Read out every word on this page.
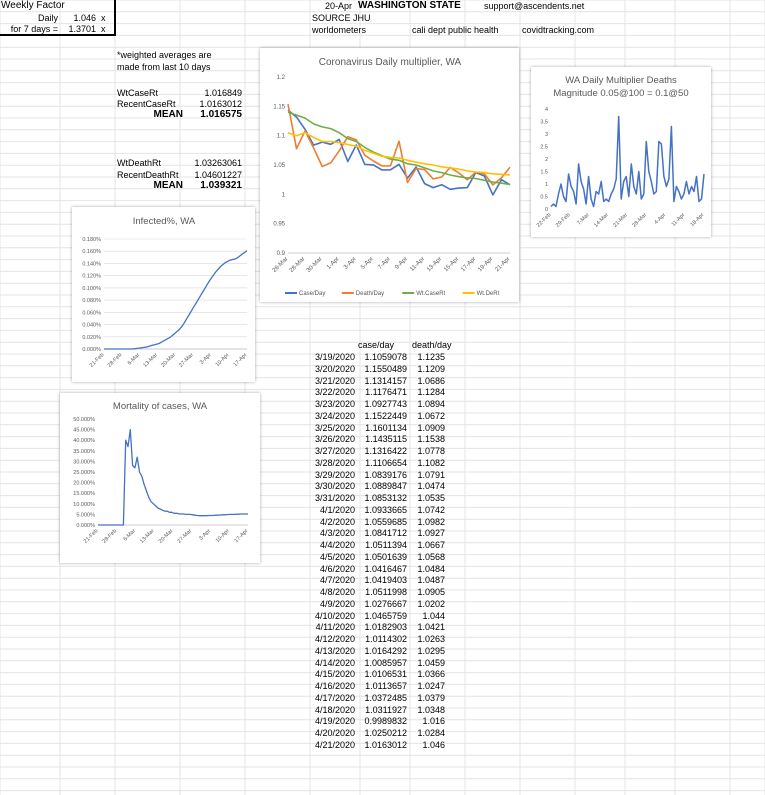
Weekly Factor
Daily	1.046 x
for 7 days =	1.3701 x
20-Apr WASHINGTON STATE	support@ascendents.net
SOURCE JHU
worldometers	cali dept public health	covidtracking.com
*weighted averages are
made from last 10 days
WtCaseRt	1.016849
RecentCaseRt	1.0163012
MEAN	1.016575
WtDeathRt	1.03263061
RecentDeathRt	1.04601227
MEAN	1.039321
case/day death/day
3/19/2020	1.1059078	1.1235
3/20/2020	1.1550489	1.1209
3/21/2020	1.1314157	1.0686
3/22/2020	1.1176471	1.1284
3/23/2020	1.0927743	1.0894
3/24/2020	1.1522449	1.0672
3/25/2020	1.1601134	1.0909
3/26/2020	1.1435115	1.1538
3/27/2020	1.1316422	1.0778
3/28/2020	1.1106654	1.1082
3/29/2020	1.0839176	1.0791
3/30/2020	1.0889847	1.0474
3/31/2020	1.0853132	1.0535
4/1/2020	1.0933665	1.0742
4/2/2020	1.0559685	1.0982
4/3/2020	1.0841712	1.0927
4/4/2020	1.0511394	1.0667
4/5/2020	1.0501639	1.0568
4/6/2020	1.0416467	1.0484
4/7/2020	1.0419403	1.0487
4/8/2020	1.0511998	1.0905
4/9/2020	1.0276667	1.0202
4/10/2020	1.0465759	1.044
4/11/2020	1.0182903	1.0421
4/12/2020	1.0114302	1.0263
4/13/2020	1.0164292	1.0295
4/14/2020	1.0085957	1.0459
4/15/2020	1.0106531	1.0366
4/16/2020	1.0113657	1.0247
4/17/2020	1.0372485	1.0379
4/18/2020	1.0311927	1.0348
4/19/2020	0.9989832	1.016
4/20/2020	1.0250212	1.0284
4/21/2020	1.0163012	1.046
Coronavirus Daily multiplier, WA
0.9
0.95
1
1.05
1.1
1.15
1.2
26-Mar 28-Mar 30-Mar 1-Apr 3-Apr 5-Apr 7-Apr 9-Apr 11-Apr 13-Apr 15-Apr 17-Apr 19-Apr 21-Apr
Case/Day	Death/Day	Wt.CaseRt	Wt.DeRt
WA Daily Multiplier Deaths
Magnitude 0.05@100 = 0.1@50
0
0.5
1
1.5
2
2.5
3
3.5
4
22-Feb 29-Feb 7-Mar 14-Mar 21-Mar 28-Mar 4-Apr 11-Apr 18-Apr
Infected%, WA
0.000%
0.020%
0.040%
0.060%
0.080%
0.100%
0.120%
0.140%
0.160%
0.180%
21-Feb 28-Feb 6-Mar 13-Mar 20-Mar 27-Mar 3-Apr 10-Apr 17-Apr
Mortality of cases, WA
0.000%
5.000%
10.000%
15.000%
20.000%
25.000%
30.000%
35.000%
40.000%
45.000%
50.000%
21-Feb 28-Feb 6-Mar 13-Mar 20-Mar 27-Mar 3-Apr 10-Apr 17-Apr
